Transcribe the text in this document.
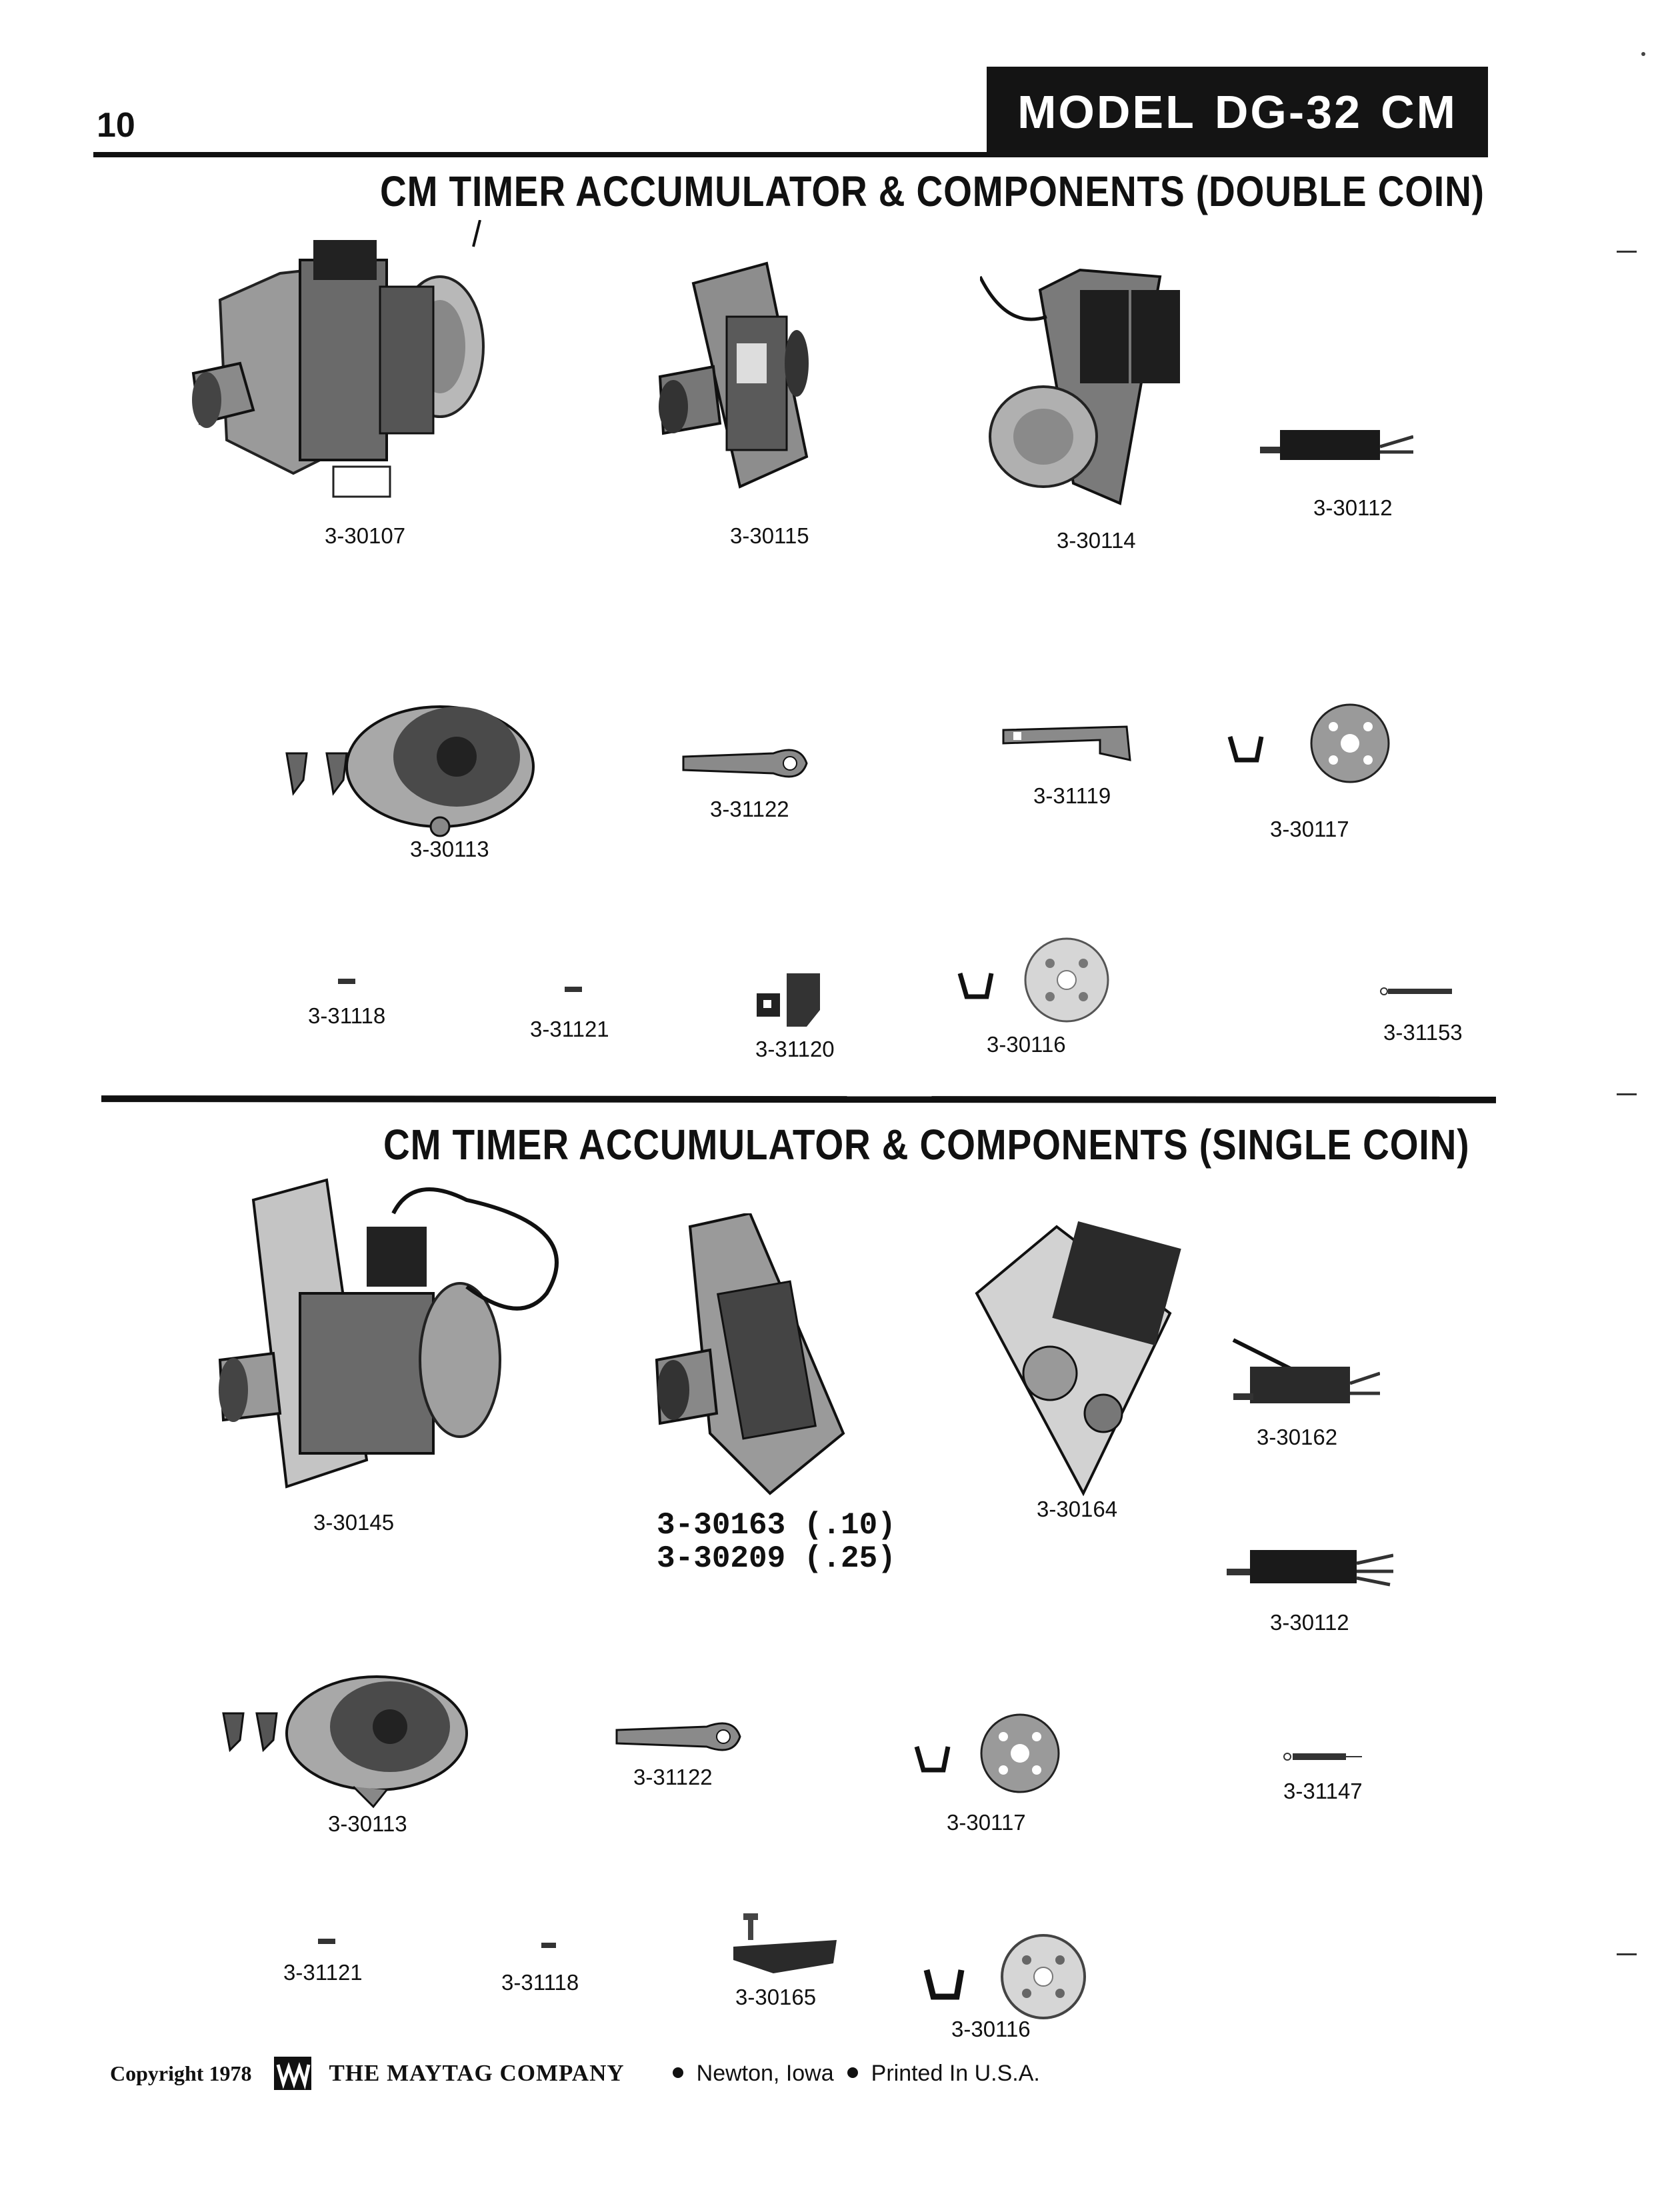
10	MODEL DG-32 CM
CM TIMER ACCUMULATOR & COMPONENTS (DOUBLE COIN)
3-30107	3-30115	3-30114
3-30112
3-30113
3-31122
3-31119
3-30117
3-31118
3-31121
3-31120	3-30116	3-31153
CM TIMER ACCUMULATOR & COMPONENTS (SINGLE COIN)
3-30145	3-30163 (.10)
3-30209 (.25)
3-30164
3-30162
3-30112
3-30113
3-31122
3-30117
3-31147
3-31121	3-31118
3-30165
3-30116
Copyright 1978	THE MAYTAG COMPANY	Newton, Iowa Printed In U.S.A.
